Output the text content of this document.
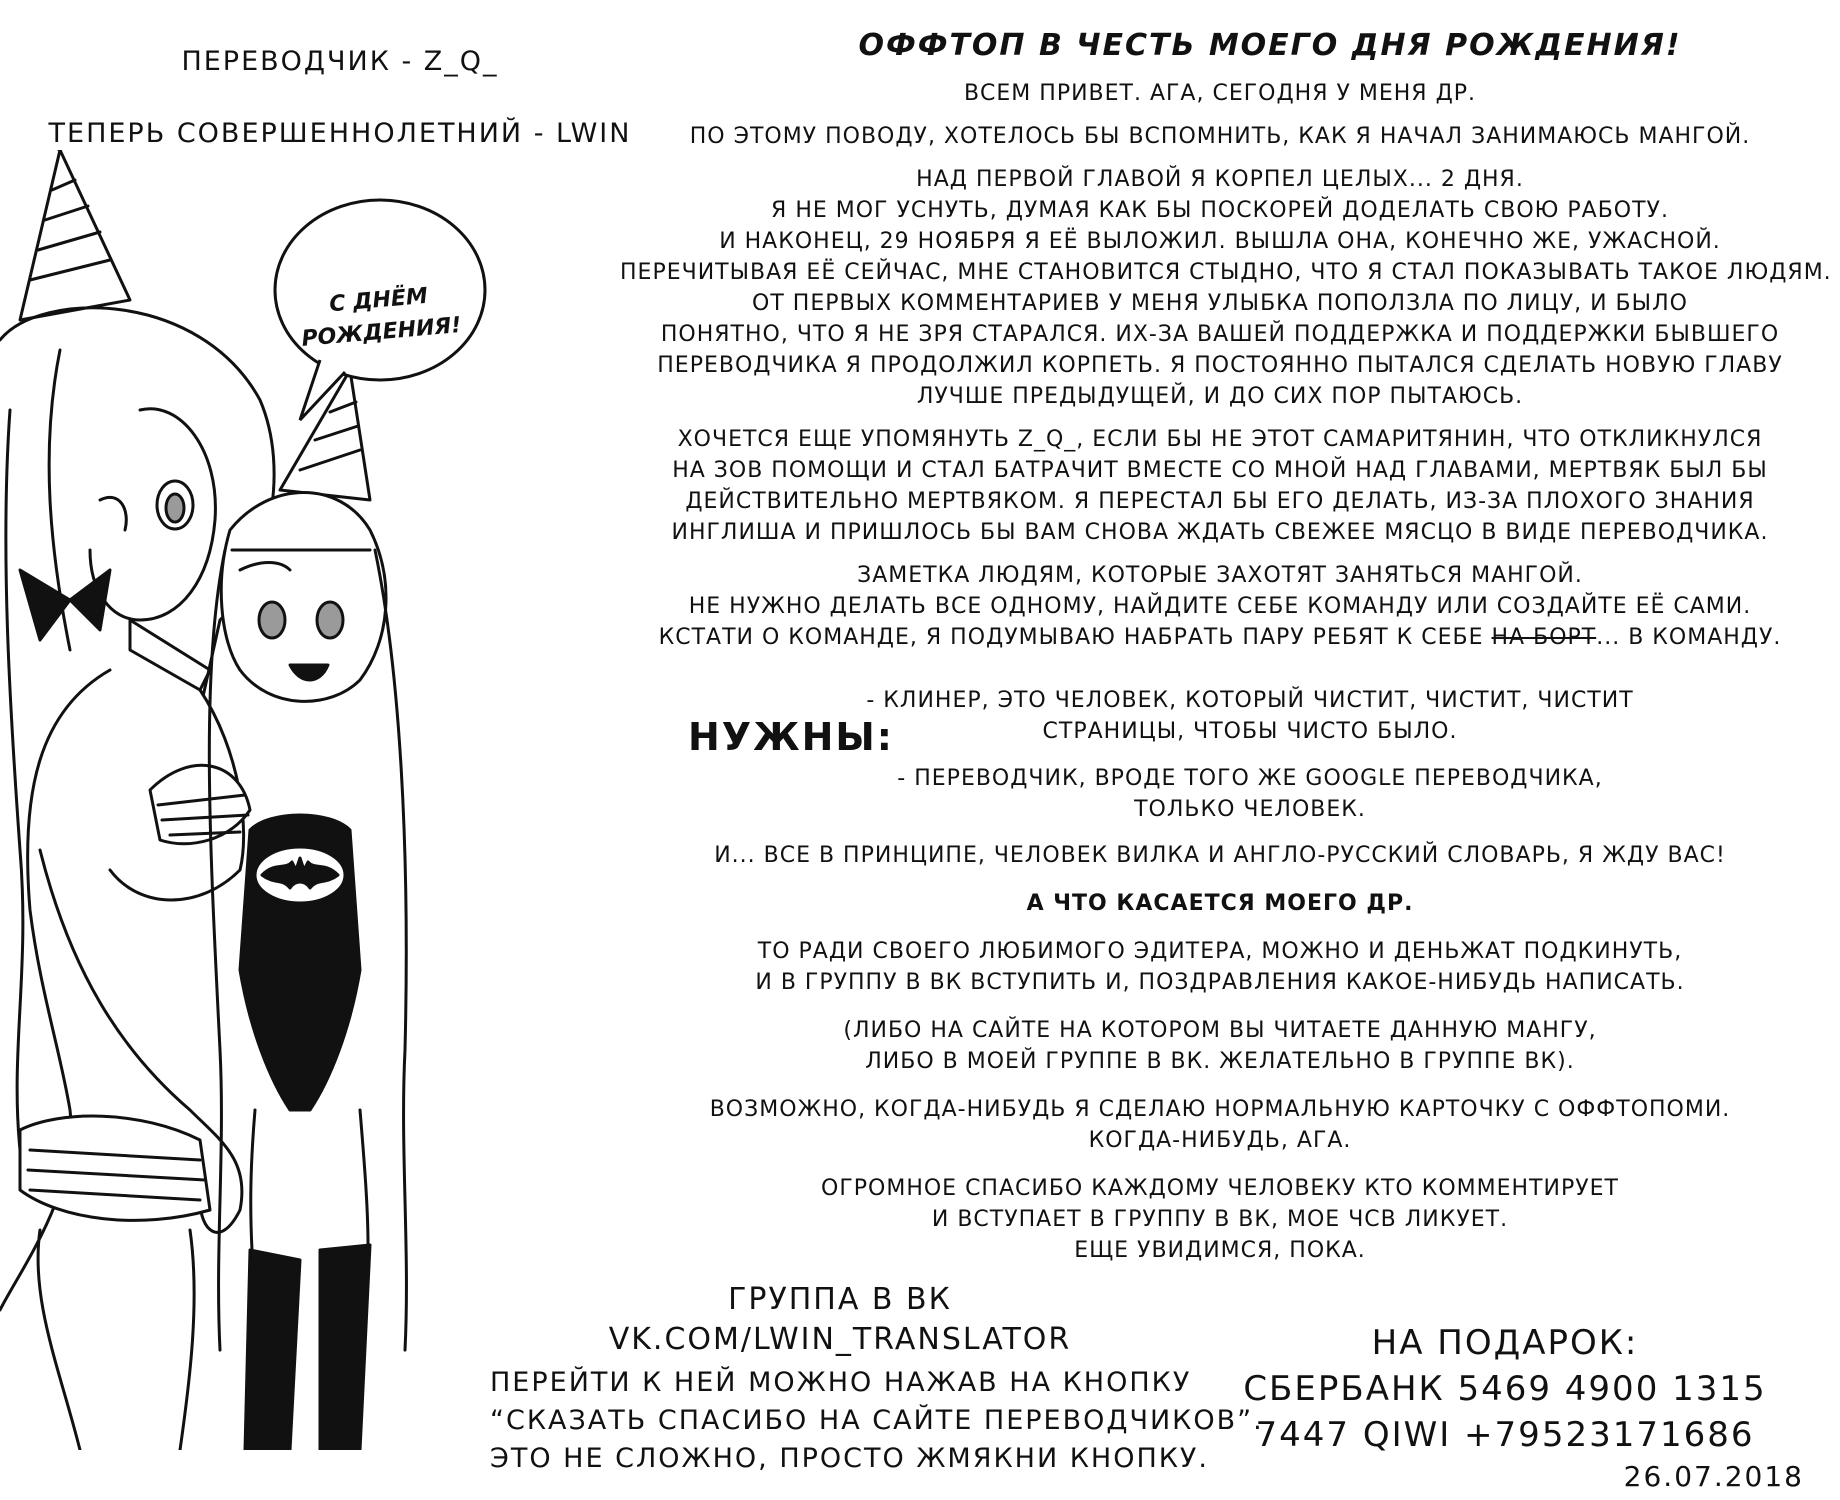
ПЕРЕВОДЧИК - Z_Q_
ТЕПЕРЬ СОВЕРШЕННОЛЕТНИЙ - LWIN
С ДНЁМ
РОЖДЕНИЯ!
ОФФТОП В ЧЕСТЬ МОЕГО ДНЯ РОЖДЕНИЯ!
ВСЕМ ПРИВЕТ. АГА, СЕГОДНЯ У МЕНЯ ДР.
ПО ЭТОМУ ПОВОДУ, ХОТЕЛОСЬ БЫ ВСПОМНИТЬ, КАК Я НАЧАЛ ЗАНИМАЮСЬ МАНГОЙ.
НАД ПЕРВОЙ ГЛАВОЙ Я КОРПЕЛ ЦЕЛЫХ... 2 ДНЯ.
Я НЕ МОГ УСНУТЬ, ДУМАЯ КАК БЫ ПОСКОРЕЙ ДОДЕЛАТЬ СВОЮ РАБОТУ.
И НАКОНЕЦ, 29 НОЯБРЯ Я ЕЁ ВЫЛОЖИЛ. ВЫШЛА ОНА, КОНЕЧНО ЖЕ, УЖАСНОЙ.
ПЕРЕЧИТЫВАЯ ЕЁ СЕЙЧАС, МНЕ СТАНОВИТСЯ СТЫДНО, ЧТО Я СТАЛ ПОКАЗЫВАТЬ ТАКОЕ ЛЮДЯМ.
ОТ ПЕРВЫХ КОММЕНТАРИЕВ У МЕНЯ УЛЫБКА ПОПОЛЗЛА ПО ЛИЦУ, И БЫЛО
ПОНЯТНО, ЧТО Я НЕ ЗРЯ СТАРАЛСЯ. ИХ-ЗА ВАШЕЙ ПОДДЕРЖКА И ПОДДЕРЖКИ БЫВШЕГО
ПЕРЕВОДЧИКА Я ПРОДОЛЖИЛ КОРПЕТЬ. Я ПОСТОЯННО ПЫТАЛСЯ СДЕЛАТЬ НОВУЮ ГЛАВУ
ЛУЧШЕ ПРЕДЫДУЩЕЙ, И ДО СИХ ПОР ПЫТАЮСЬ.
ХОЧЕТСЯ ЕЩЕ УПОМЯНУТЬ Z_Q_, ЕСЛИ БЫ НЕ ЭТОТ САМАРИТЯНИН, ЧТО ОТКЛИКНУЛСЯ
НА ЗОВ ПОМОЩИ И СТАЛ БАТРАЧИТ ВМЕСТЕ СО МНОЙ НАД ГЛАВАМИ, МЕРТВЯК БЫЛ БЫ
ДЕЙСТВИТЕЛЬНО МЕРТВЯКОМ. Я ПЕРЕСТАЛ БЫ ЕГО ДЕЛАТЬ, ИЗ-ЗА ПЛОХОГО ЗНАНИЯ
ИНГЛИША И ПРИШЛОСЬ БЫ ВАМ СНОВА ЖДАТЬ СВЕЖЕЕ МЯСЦО В ВИДЕ ПЕРЕВОДЧИКА.
ЗАМЕТКА ЛЮДЯМ, КОТОРЫЕ ЗАХОТЯТ ЗАНЯТЬСЯ МАНГОЙ.
НЕ НУЖНО ДЕЛАТЬ ВСЕ ОДНОМУ, НАЙДИТЕ СЕБЕ КОМАНДУ ИЛИ СОЗДАЙТЕ ЕЁ САМИ.
КСТАТИ О КОМАНДЕ, Я ПОДУМЫВАЮ НАБРАТЬ ПАРУ РЕБЯТ К СЕБЕ НА БОРТ... В КОМАНДУ.
НУЖНЫ:
- КЛИНЕР, ЭТО ЧЕЛОВЕК, КОТОРЫЙ ЧИСТИТ, ЧИСТИТ, ЧИСТИТ
СТРАНИЦЫ, ЧТОБЫ ЧИСТО БЫЛО.
- ПЕРЕВОДЧИК, ВРОДЕ ТОГО ЖЕ GOOGLE ПЕРЕВОДЧИКА,
ТОЛЬКО ЧЕЛОВЕК.
И... ВСЕ В ПРИНЦИПЕ, ЧЕЛОВЕК ВИЛКА И АНГЛО-РУССКИЙ СЛОВАРЬ, Я ЖДУ ВАС!
А ЧТО КАСАЕТСЯ МОЕГО ДР.
ТО РАДИ СВОЕГО ЛЮБИМОГО ЭДИТЕРА, МОЖНО И ДЕНЬЖАТ ПОДКИНУТЬ,
И В ГРУППУ В ВК ВСТУПИТЬ И, ПОЗДРАВЛЕНИЯ КАКОЕ-НИБУДЬ НАПИСАТЬ.
(ЛИБО НА САЙТЕ НА КОТОРОМ ВЫ ЧИТАЕТЕ ДАННУЮ МАНГУ,
ЛИБО В МОЕЙ ГРУППЕ В ВК. ЖЕЛАТЕЛЬНО В ГРУППЕ ВК).
ВОЗМОЖНО, КОГДА-НИБУДЬ Я СДЕЛАЮ НОРМАЛЬНУЮ КАРТОЧКУ С ОФФТОПОМИ.
КОГДА-НИБУДЬ, АГА.
ОГРОМНОЕ СПАСИБО КАЖДОМУ ЧЕЛОВЕКУ КТО КОММЕНТИРУЕТ
И ВСТУПАЕТ В ГРУППУ В ВК, МОЕ ЧСВ ЛИКУЕТ.
ЕЩЕ УВИДИМСЯ, ПОКА.
ГРУППА В ВК
VK.COM/LWIN_TRANSLATOR
ПЕРЕЙТИ К НЕЙ МОЖНО НАЖАВ НА КНОПКУ
“СКАЗАТЬ СПАСИБО НА САЙТЕ ПЕРЕВОДЧИКОВ”.
ЭТО НЕ СЛОЖНО, ПРОСТО ЖМЯКНИ КНОПКУ.
НА ПОДАРОК:
СБЕРБАНК 5469 4900 1315
7447 QIWI +79523171686
26.07.2018
